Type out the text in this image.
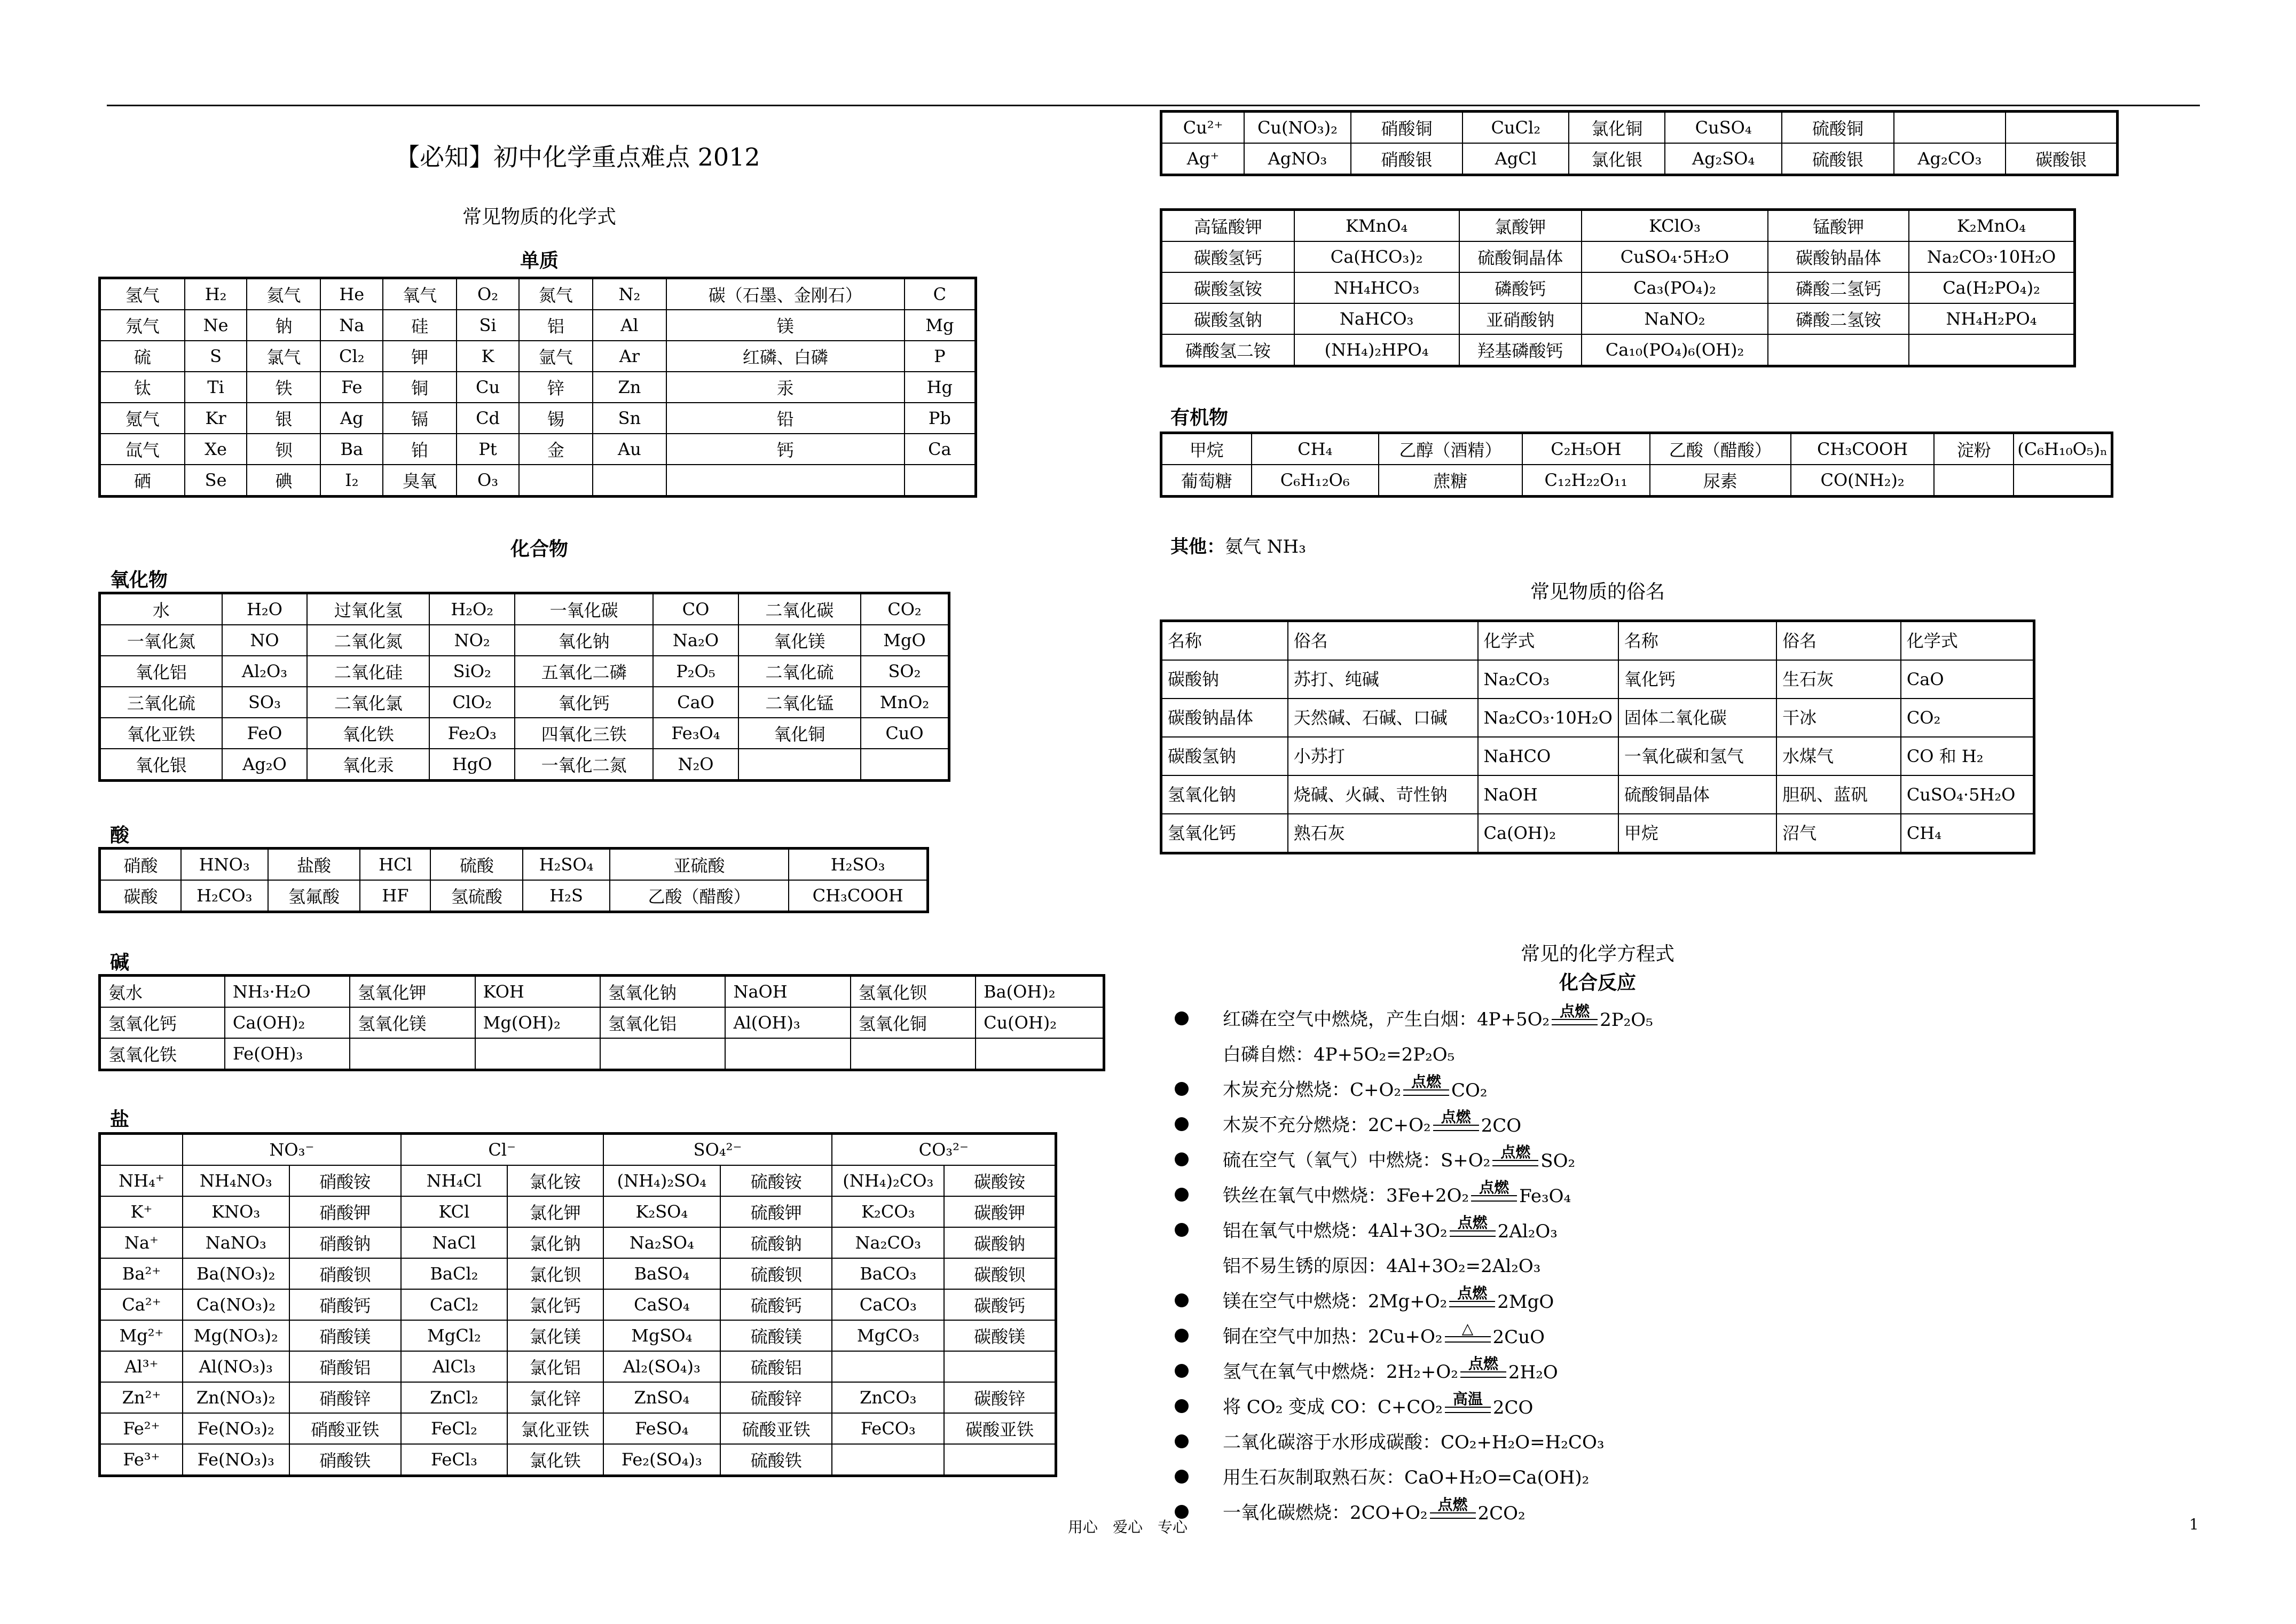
【必知】初中化学重点难点 2012
常见物质的化学式
单质
氢气	H₂	氦气	He	氧气	O₂	氮气	N₂	碳（石墨、金刚石）	C
氖气	Ne	钠	Na	硅	Si	铝	Al	镁	Mg
硫	S	氯气	Cl₂	钾	K	氩气	Ar	红磷、白磷	P
钛	Ti	铁	Fe	铜	Cu	锌	Zn	汞	Hg
氪气	Kr	银	Ag	镉	Cd	锡	Sn	铅	Pb
氙气	Xe	钡	Ba	铂	Pt	金	Au	钙	Ca
硒	Se	碘	I₂	臭氧	O₃				
化合物
氧化物
水	H₂O	过氧化氢	H₂O₂	一氧化碳	CO	二氧化碳	CO₂
一氧化氮	NO	二氧化氮	NO₂	氧化钠	Na₂O	氧化镁	MgO
氧化铝	Al₂O₃	二氧化硅	SiO₂	五氧化二磷	P₂O₅	二氧化硫	SO₂
三氧化硫	SO₃	二氧化氯	ClO₂	氧化钙	CaO	二氧化锰	MnO₂
氧化亚铁	FeO	氧化铁	Fe₂O₃	四氧化三铁	Fe₃O₄	氧化铜	CuO
氧化银	Ag₂O	氧化汞	HgO	一氧化二氮	N₂O		
酸
硝酸	HNO₃	盐酸	HCl	硫酸	H₂SO₄	亚硫酸	H₂SO₃
碳酸	H₂CO₃	氢氟酸	HF	氢硫酸	H₂S	乙酸（醋酸）	CH₃COOH
碱
氨水	NH₃·H₂O	氢氧化钾	KOH	氢氧化钠	NaOH	氢氧化钡	Ba(OH)₂
氢氧化钙	Ca(OH)₂	氢氧化镁	Mg(OH)₂	氢氧化铝	Al(OH)₃	氢氧化铜	Cu(OH)₂
氢氧化铁	Fe(OH)₃						
盐
	NO₃⁻		Cl⁻		SO₄²⁻		CO₃²⁻	
NH₄⁺	NH₄NO₃	硝酸铵	NH₄Cl	氯化铵	(NH₄)₂SO₄	硫酸铵	(NH₄)₂CO₃	碳酸铵
K⁺	KNO₃	硝酸钾	KCl	氯化钾	K₂SO₄	硫酸钾	K₂CO₃	碳酸钾
Na⁺	NaNO₃	硝酸钠	NaCl	氯化钠	Na₂SO₄	硫酸钠	Na₂CO₃	碳酸钠
Ba²⁺	Ba(NO₃)₂	硝酸钡	BaCl₂	氯化钡	BaSO₄	硫酸钡	BaCO₃	碳酸钡
Ca²⁺	Ca(NO₃)₂	硝酸钙	CaCl₂	氯化钙	CaSO₄	硫酸钙	CaCO₃	碳酸钙
Mg²⁺	Mg(NO₃)₂	硝酸镁	MgCl₂	氯化镁	MgSO₄	硫酸镁	MgCO₃	碳酸镁
Al³⁺	Al(NO₃)₃	硝酸铝	AlCl₃	氯化铝	Al₂(SO₄)₃	硫酸铝		
Zn²⁺	Zn(NO₃)₂	硝酸锌	ZnCl₂	氯化锌	ZnSO₄	硫酸锌	ZnCO₃	碳酸锌
Fe²⁺	Fe(NO₃)₂	硝酸亚铁	FeCl₂	氯化亚铁	FeSO₄	硫酸亚铁	FeCO₃	碳酸亚铁
Fe³⁺	Fe(NO₃)₃	硝酸铁	FeCl₃	氯化铁	Fe₂(SO₄)₃	硫酸铁		
Cu²⁺	Cu(NO₃)₂	硝酸铜	CuCl₂	氯化铜	CuSO₄	硫酸铜		
Ag⁺	AgNO₃	硝酸银	AgCl	氯化银	Ag₂SO₄	硫酸银	Ag₂CO₃	碳酸银
高锰酸钾	KMnO₄	氯酸钾	KClO₃	锰酸钾	K₂MnO₄
碳酸氢钙	Ca(HCO₃)₂	硫酸铜晶体	CuSO₄·5H₂O	碳酸钠晶体	Na₂CO₃·10H₂O
碳酸氢铵	NH₄HCO₃	磷酸钙	Ca₃(PO₄)₂	磷酸二氢钙	Ca(H₂PO₄)₂
碳酸氢钠	NaHCO₃	亚硝酸钠	NaNO₂	磷酸二氢铵	NH₄H₂PO₄
磷酸氢二铵	(NH₄)₂HPO₄	羟基磷酸钙	Ca₁₀(PO₄)₆(OH)₂		
有机物
甲烷	CH₄	乙醇（酒精）	C₂H₅OH	乙酸（醋酸）	CH₃COOH	淀粉	(C₆H₁₀O₅)ₙ
葡萄糖	C₆H₁₂O₆	蔗糖	C₁₂H₂₂O₁₁	尿素	CO(NH₂)₂		
其他：氨气 NH₃
常见物质的俗名
名称	俗名	化学式	名称	俗名	化学式
碳酸钠	苏打、纯碱	Na₂CO₃	氧化钙	生石灰	CaO
碳酸钠晶体	天然碱、石碱、口碱	Na₂CO₃·10H₂O	固体二氧化碳	干冰	CO₂
碳酸氢钠	小苏打	NaHCO	一氧化碳和氢气	水煤气	CO 和 H₂
氢氧化钠	烧碱、火碱、苛性钠	NaOH	硫酸铜晶体	胆矾、蓝矾	CuSO₄·5H₂O
氢氧化钙	熟石灰	Ca(OH)₂	甲烷	沼气	CH₄
常见的化学方程式
化合反应
红磷在空气中燃烧，产生白烟：4P+5O₂ 点燃 2P₂O₅
白磷自燃：4P+5O₂=2P₂O₅
木炭充分燃烧：C+O₂ 点燃 CO₂
木炭不充分燃烧：2C+O₂ 点燃 2CO
硫在空气（氧气）中燃烧：S+O₂ 点燃 SO₂
铁丝在氧气中燃烧：3Fe+2O₂ 点燃 Fe₃O₄
铝在氧气中燃烧：4Al+3O₂ 点燃 2Al₂O₃
铝不易生锈的原因：4Al+3O₂=2Al₂O₃
镁在空气中燃烧：2Mg+O₂ 点燃 2MgO
铜在空气中加热：2Cu+O₂ △ 2CuO
氢气在氧气中燃烧：2H₂+O₂ 点燃 2H₂O
将 CO₂ 变成 CO：C+CO₂ 高温 2CO
二氧化碳溶于水形成碳酸：CO₂+H₂O=H₂CO₃
用生石灰制取熟石灰：CaO+H₂O=Ca(OH)₂
一氧化碳燃烧：2CO+O₂ 点燃 2CO₂
用心　爱心　专心	1
